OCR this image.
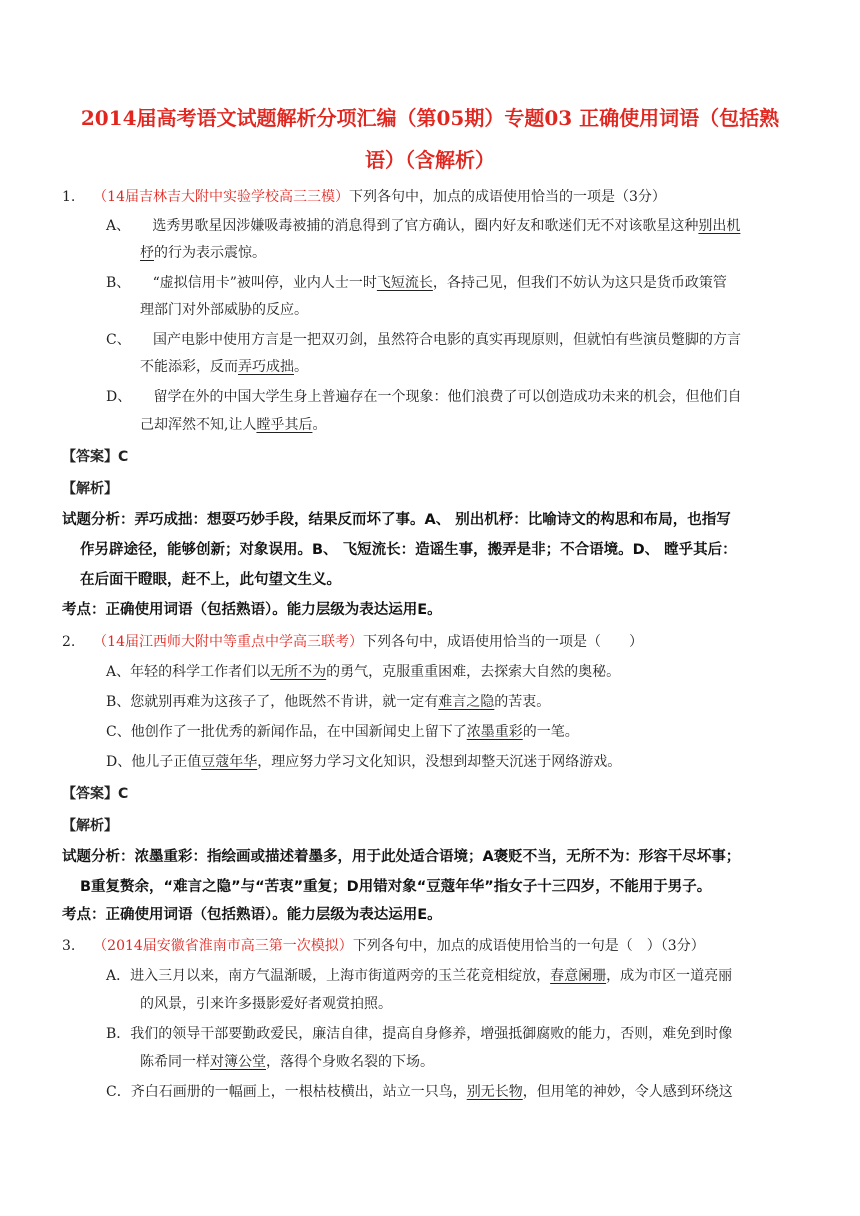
2014届高考语文试题解析分项汇编（第05期）专题03 正确使用词语（包括熟
语）（含解析）
1. （14届吉林吉大附中实验学校高三三模）下列各句中，加点的成语使用恰当的一项是（3分）
A、 选秀男歌星因涉嫌吸毒被捕的消息得到了官方确认，圈内好友和歌迷们无不对该歌星这种别出机
杼的行为表示震惊。
B、 “虚拟信用卡”被叫停，业内人士一时飞短流长，各持己见，但我们不妨认为这只是货币政策管
理部门对外部威胁的反应。
C、 国产电影中使用方言是一把双刃剑，虽然符合电影的真实再现原则，但就怕有些演员蹩脚的方言
不能添彩，反而弄巧成拙。
D、 留学在外的中国大学生身上普遍存在一个现象：他们浪费了可以创造成功未来的机会，但他们自
己却浑然不知,让人瞠乎其后。
【答案】C
【解析】
试题分析：弄巧成拙：想耍巧妙手段，结果反而坏了事。A、 别出机杼：比喻诗文的构思和布局，也指写
作另辟途径，能够创新；对象误用。B、 飞短流长：造谣生事，搬弄是非；不合语境。D、 瞠乎其后：
在后面干瞪眼，赶不上，此句望文生义。
考点：正确使用词语（包括熟语）。能力层级为表达运用E。
2. （14届江西师大附中等重点中学高三联考）下列各句中，成语使用恰当的一项是（　　）
A、年轻的科学工作者们以无所不为的勇气，克服重重困难，去探索大自然的奥秘。
B、您就别再难为这孩子了，他既然不肯讲，就一定有难言之隐的苦衷。
C、他创作了一批优秀的新闻作品，在中国新闻史上留下了浓墨重彩的一笔。
D、他儿子正值豆蔻年华，理应努力学习文化知识，没想到却整天沉迷于网络游戏。
【答案】C
【解析】
试题分析：浓墨重彩：指绘画或描述着墨多，用于此处适合语境；A褒贬不当，无所不为：形容干尽坏事；
B重复赘余，“难言之隐”与“苦衷”重复；D用错对象“豆蔻年华”指女子十三四岁，不能用于男子。
考点：正确使用词语（包括熟语）。能力层级为表达运用E。
3. （2014届安徽省淮南市高三第一次模拟）下列各句中，加点的成语使用恰当的一句是（　）（3分）
A．进入三月以来，南方气温渐暖，上海市街道两旁的玉兰花竞相绽放，春意阑珊，成为市区一道亮丽
的风景，引来许多摄影爱好者观赏拍照。
B．我们的领导干部要勤政爱民，廉洁自律，提高自身修养，增强抵御腐败的能力，否则，难免到时像
陈希同一样对簿公堂，落得个身败名裂的下场。
C．齐白石画册的一幅画上，一根枯枝横出，站立一只鸟，别无长物，但用笔的神妙，令人感到环绕这
